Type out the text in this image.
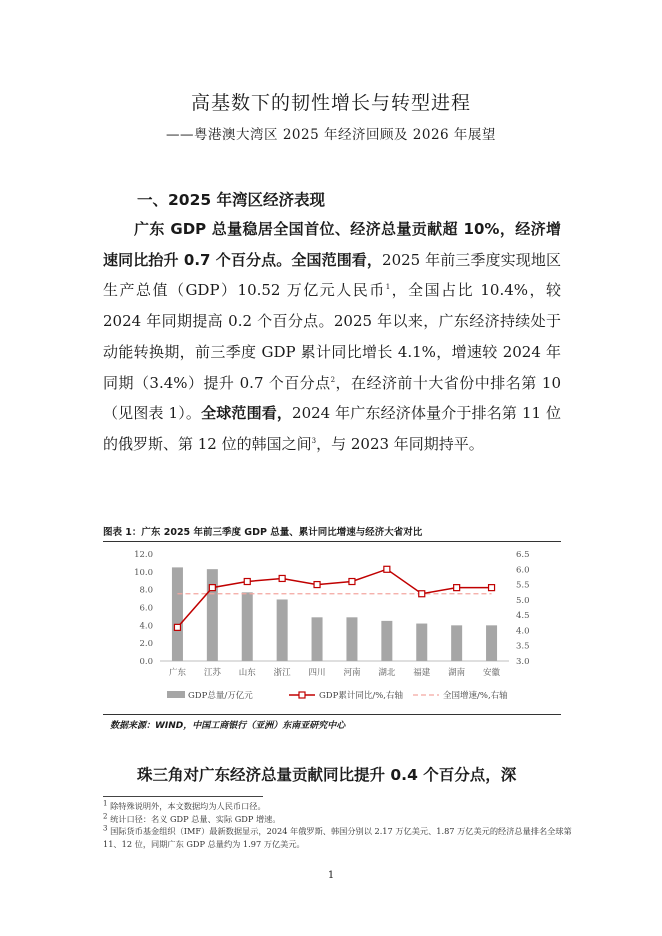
高基数下的韧性增长与转型进程
——粤港澳大湾区 2025 年经济回顾及 2026 年展望
一、2025 年湾区经济表现

广东 GDP 总量稳居全国首位、经济总量贡献超 10%，经济增速同比抬升 0.7 个百分点。全国范围看，2025 年前三季度实现地区生产总值（GDP）10.52 万亿元人民币$^1$，全国占比 10.4%，较 2024 年同期提高 0.2 个百分点。2025 年以来，广东经济持续处于动能转换期，前三季度 GDP 累计同比增长 4.1%，增速较 2024 年同期（3.4%）提升 0.7 个百分点$^2$，在经济前十大省份中排名第 10（见图表 1）。全球范围看，2024 年广东经济体量介于排名第 11 位的俄罗斯、第 12 位的韩国之间$^3$，与 2023 年同期持平。

图表 1：广东 2025 年前三季度 GDP 总量、累计同比增速与经济大省对比
0.0
2.0
4.0
6.0
8.0
10.0
12.0
3.0
3.5
4.0
4.5
5.0
5.5
6.0
6.5
广东 江苏 山东 浙江 四川 河南 湖北 福建 湖南 安徽
GDP总量/万亿元	GDP累计同比/%,右轴	全国增速/%,右轴
数据来源：WIND，中国工商银行（亚洲）东南亚研究中心
珠三角对广东经济总量贡献同比提升 0.4 个百分点，深
$^1$ 除特殊说明外，本文数据均为人民币口径。
$^2$ 统计口径：名义 GDP 总量、实际 GDP 增速。
$^3$ 国际货币基金组织（IMF）最新数据显示，2024 年俄罗斯、韩国分别以 2.17 万亿美元、1.87 万亿美元的经济总量排名全球第 11、12 位，同期广东 GDP 总量约为 1.97 万亿美元。
1
